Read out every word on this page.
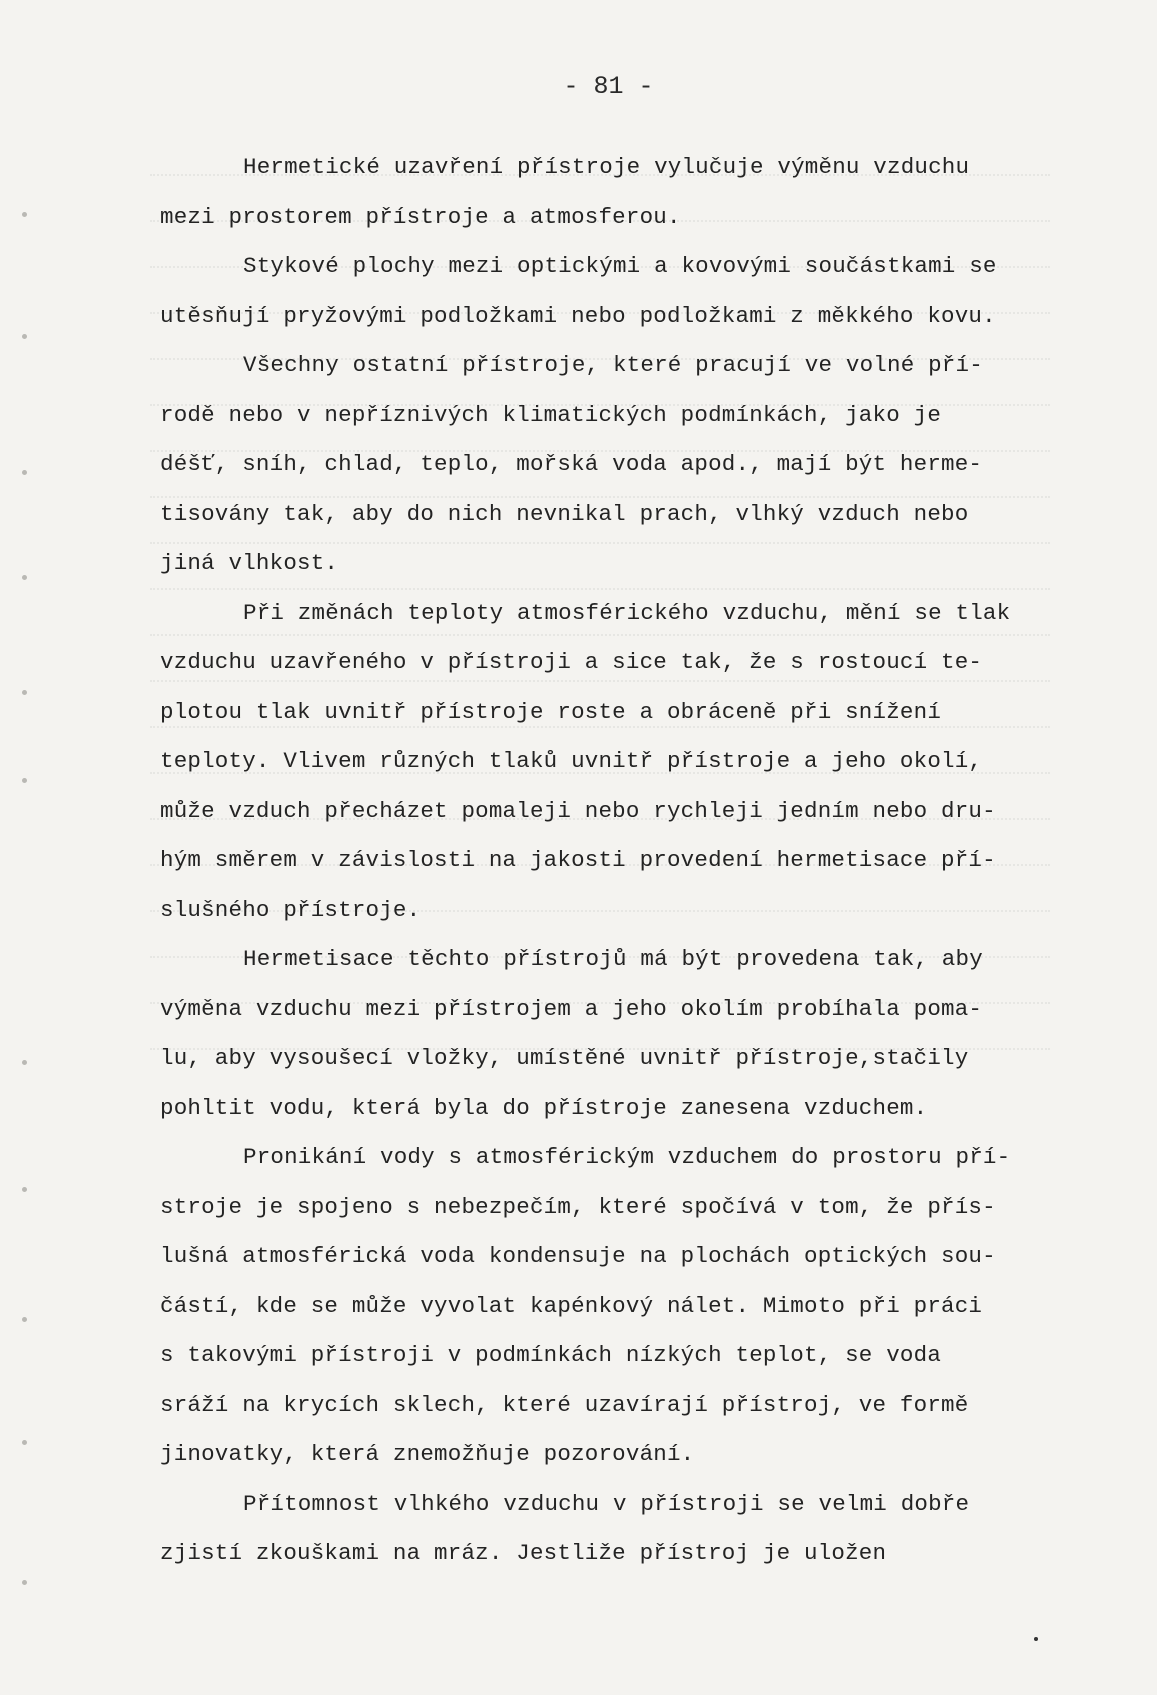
- 81 -
Hermetické uzavření přístroje vylučuje výměnu vzduchu
mezi prostorem přístroje a atmosferou.
Stykové plochy mezi optickými a kovovými součástkami se
utěsňují pryžovými podložkami nebo podložkami z měkkého kovu.
Všechny ostatní přístroje, které pracují ve volné pří-
rodě nebo v nepříznivých klimatických podmínkách, jako je
déšť, sníh, chlad, teplo, mořská voda apod., mají být herme-
tisovány tak, aby do nich nevnikal prach, vlhký vzduch nebo
jiná vlhkost.
Při změnách teploty atmosférického vzduchu, mění se tlak
vzduchu uzavřeného v přístroji a sice tak, že s rostoucí te-
plotou tlak uvnitř přístroje roste a obráceně při snížení
teploty. Vlivem různých tlaků uvnitř přístroje a jeho okolí,
může vzduch přecházet pomaleji nebo rychleji jedním nebo dru-
hým směrem v závislosti na jakosti provedení hermetisace pří-
slušného přístroje.
Hermetisace těchto přístrojů má být provedena tak, aby
výměna vzduchu mezi přístrojem a jeho okolím probíhala poma-
lu, aby vysoušecí vložky, umístěné uvnitř přístroje,stačily
pohltit vodu, která byla do přístroje zanesena vzduchem.
Pronikání vody s atmosférickým vzduchem do prostoru pří-
stroje je spojeno s nebezpečím, které spočívá v tom, že přís-
lušná atmosférická voda kondensuje na plochách optických sou-
částí, kde se může vyvolat kapénkový nálet. Mimoto při práci
s takovými přístroji v podmínkách nízkých teplot, se voda
sráží na krycích sklech, které uzavírají přístroj, ve formě
jinovatky, která znemožňuje pozorování.
Přítomnost vlhkého vzduchu v přístroji se velmi dobře
zjistí zkouškami na mráz. Jestliže přístroj je uložen
